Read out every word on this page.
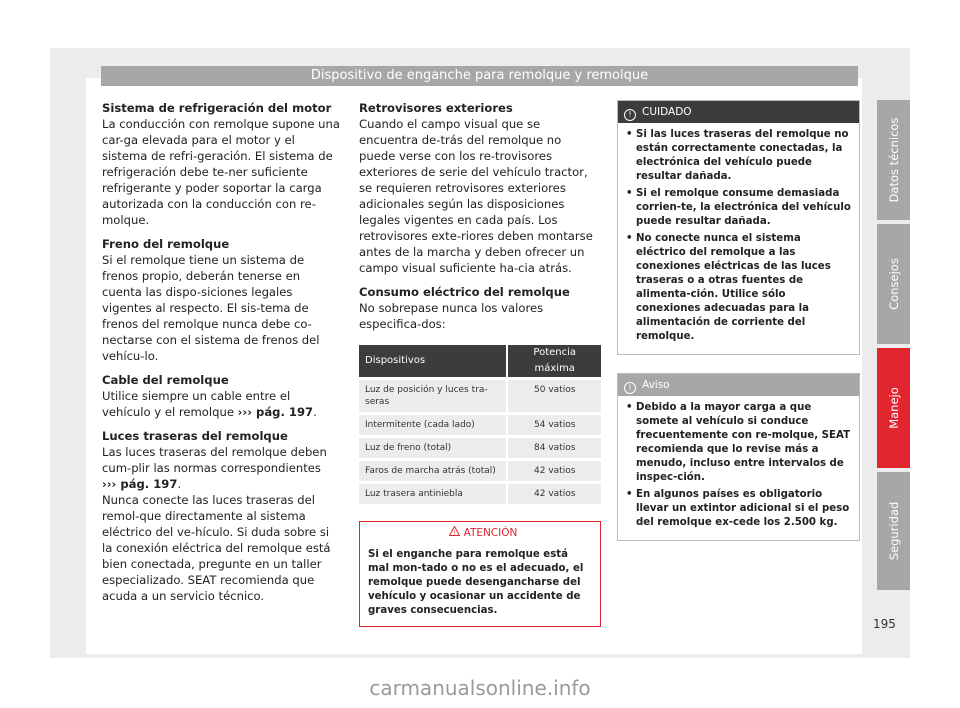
Dispositivo de enganche para remolque y remolque
Sistema de refrigeración del motor

La conducción con remolque supone una car-ga elevada para el motor y el sistema de refri-geración. El sistema de refrigeración debe te-ner suficiente refrigerante y poder soportar la carga autorizada con la conducción con re-molque.

Freno del remolque

Si el remolque tiene un sistema de frenos propio, deberán tenerse en cuenta las dispo-siciones legales vigentes al respecto. El sis-tema de frenos del remolque nunca debe co-nectarse con el sistema de frenos del vehícu-lo.

Cable del remolque

Utilice siempre un cable entre el vehículo y el remolque ››› pág. 197.

Luces traseras del remolque

Las luces traseras del remolque deben cum-plir las normas correspondientes
››› pág. 197.

Nunca conecte las luces traseras del remol-que directamente al sistema eléctrico del ve-hículo. Si duda sobre si la conexión eléctrica del remolque está bien conectada, pregunte en un taller especializado. SEAT recomienda que acuda a un servicio técnico.

Retrovisores exteriores

Cuando el campo visual que se encuentra de-trás del remolque no puede verse con los re-trovisores exteriores de serie del vehículo tractor, se requieren retrovisores exteriores adicionales según las disposiciones legales vigentes en cada país. Los retrovisores exte-riores deben montarse antes de la marcha y deben ofrecer un campo visual suficiente ha-cia atrás.

Consumo eléctrico del remolque

No sobrepase nunca los valores especifica-dos:

Dispositivos	Potencia máxima
Luz de posición y luces tra-seras	50 vatios
Intermitente (cada lado)	54 vatios
Luz de freno (total)	84 vatios
Faros de marcha atrás (total)	42 vatios
Luz trasera antiniebla	42 vatios
! ATENCIÓN
Si el enganche para remolque está mal mon-tado o no es el adecuado, el remolque puede desengancharse del vehículo y ocasionar un accidente de graves consecuencias.
! CUIDADO
• Si las luces traseras del remolque no están correctamente conectadas, la electrónica del vehículo puede resultar dañada.
• Si el remolque consume demasiada corrien-te, la electrónica del vehículo puede resultar dañada.
• No conecte nunca el sistema eléctrico del remolque a las conexiones eléctricas de las luces traseras o a otras fuentes de alimenta-ción. Utilice sólo conexiones adecuadas para la alimentación de corriente del remolque.
i Aviso
• Debido a la mayor carga a que somete al vehículo si conduce frecuentemente con re-molque, SEAT recomienda que lo revise más a menudo, incluso entre intervalos de inspec-ción.
• En algunos países es obligatorio llevar un extintor adicional si el peso del remolque ex-cede los 2.500 kg.
Datos técnicos
Consejos
Manejo
Seguridad
195
carmanualsonline.info
